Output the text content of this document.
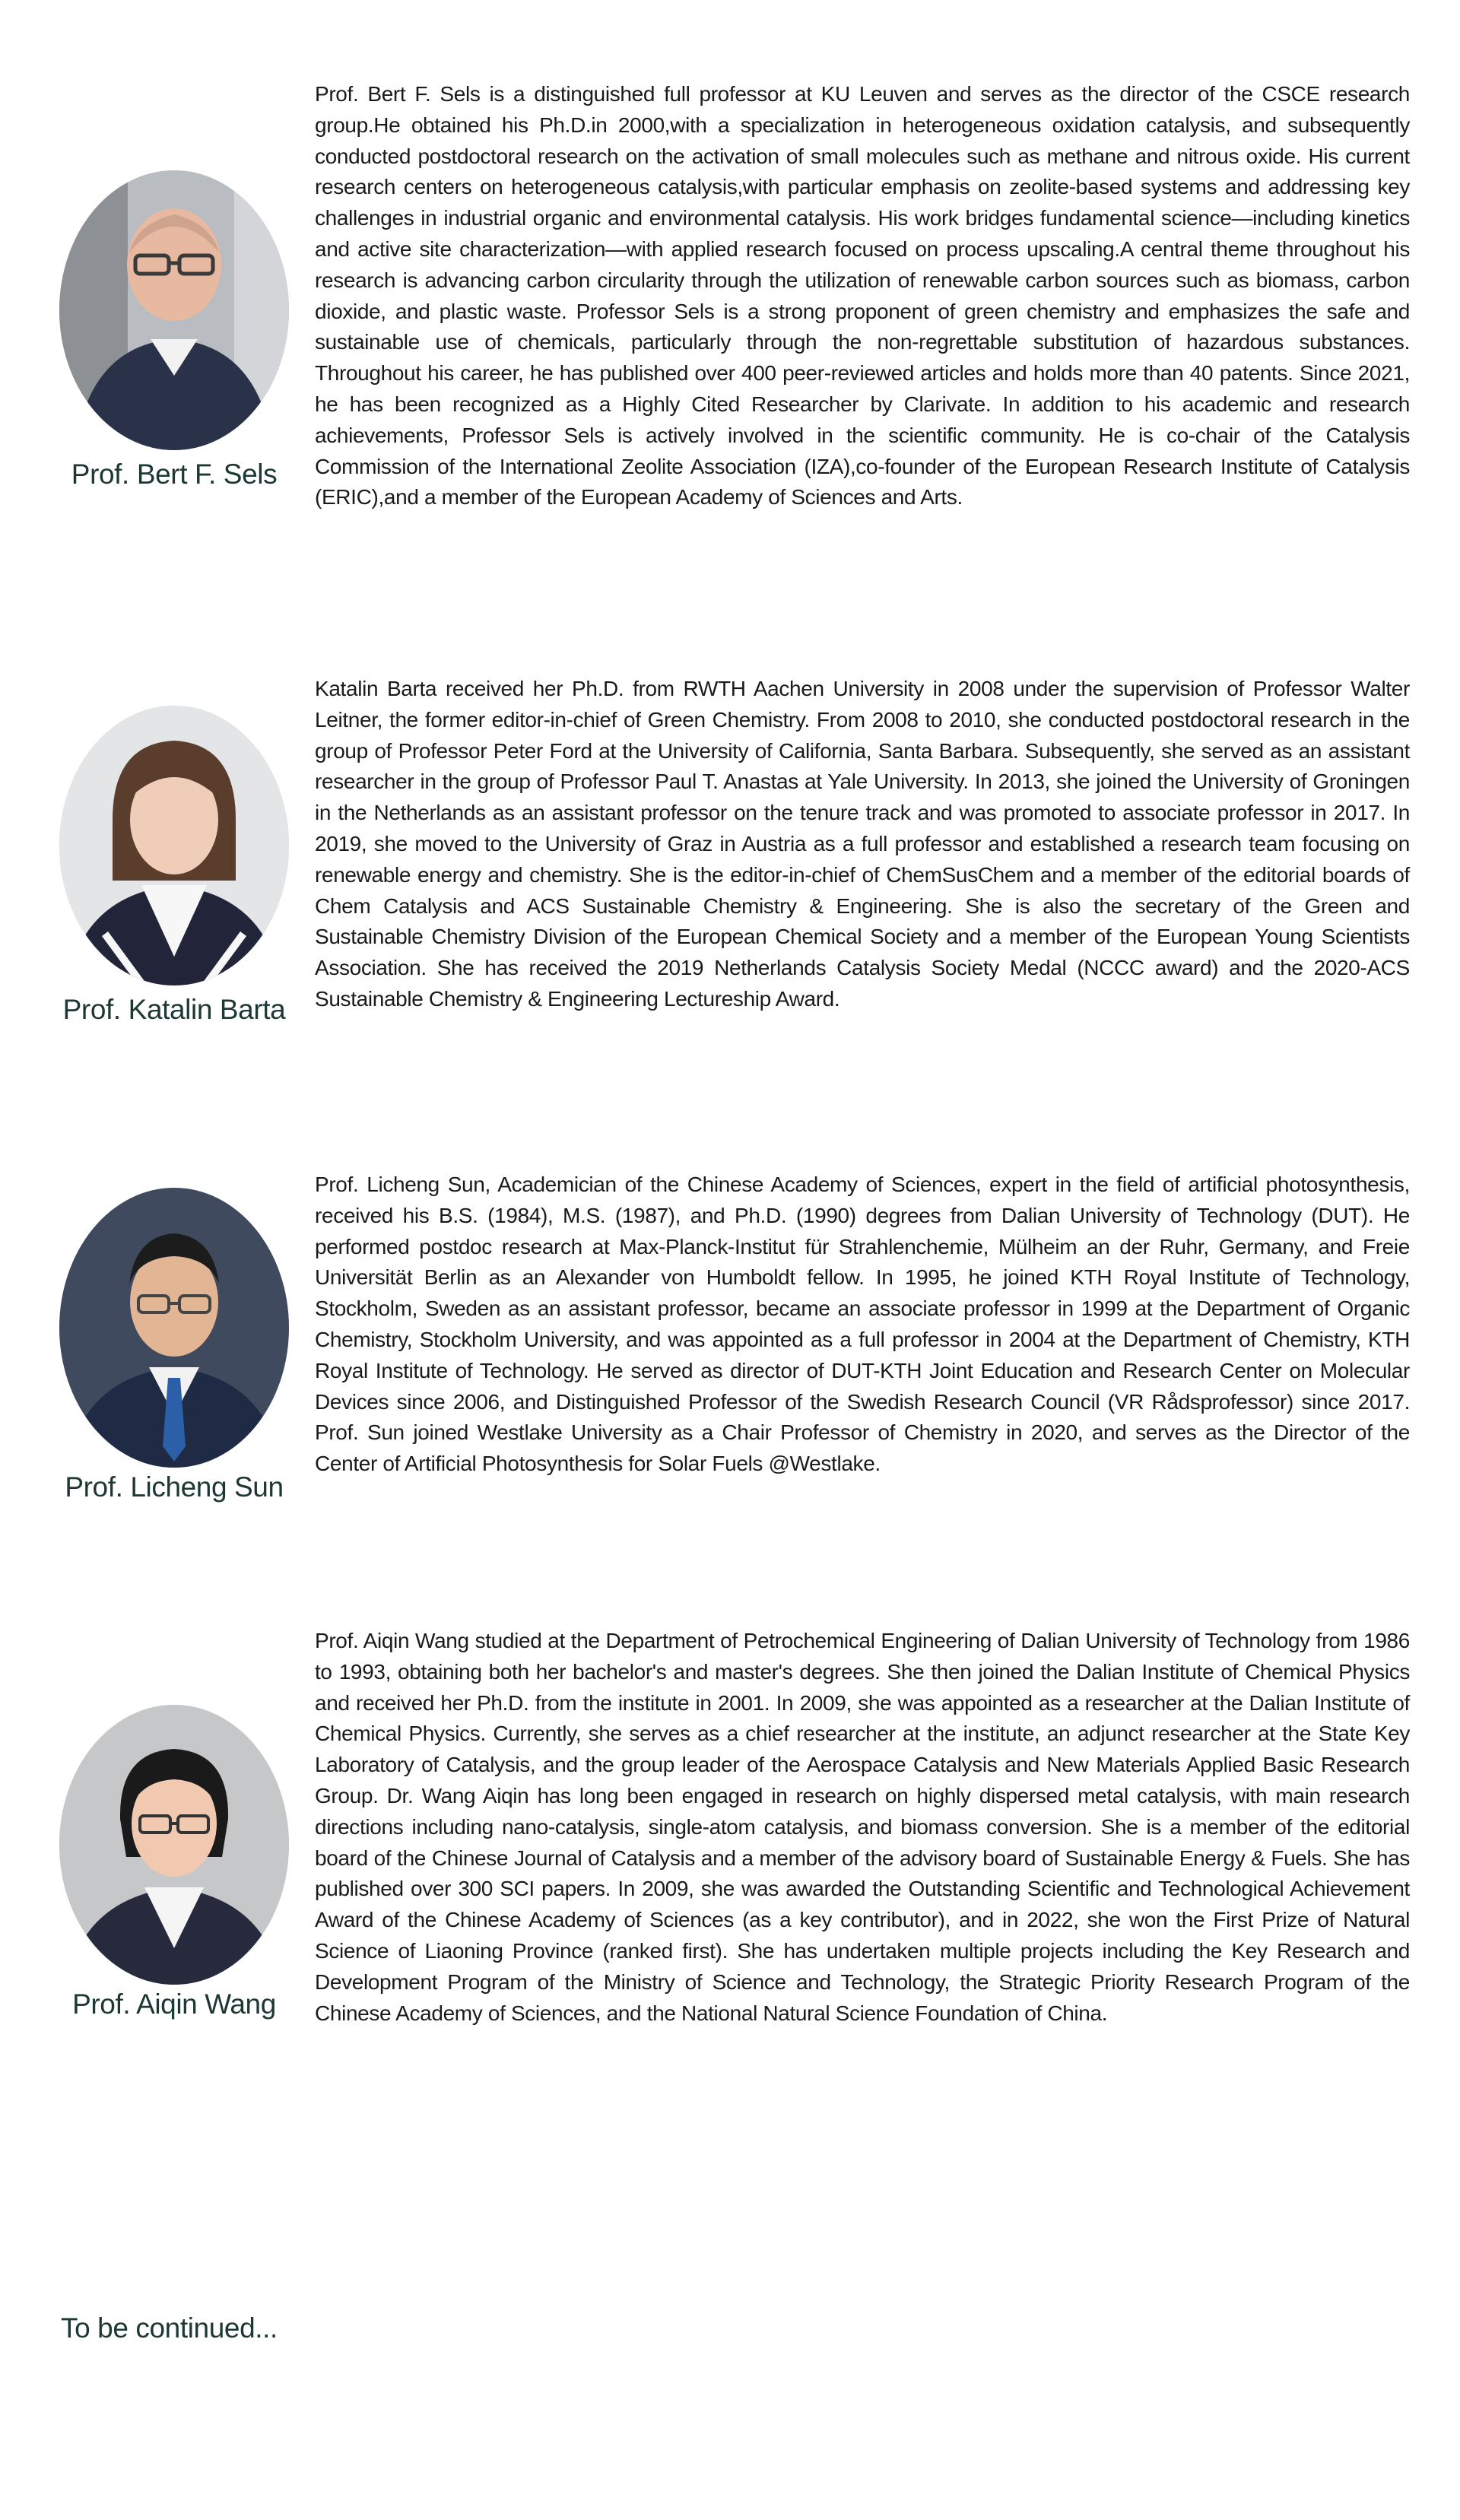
Prof. Bert F. Sels

Prof. Bert F. Sels is a distinguished full professor at KU Leuven and serves as the director of the CSCE research group.He obtained his Ph.D.in 2000,with a specialization in heterogeneous oxidation catalysis, and subsequently conducted postdoctoral research on the activation of small molecules such as methane and nitrous oxide. His current research centers on heterogeneous catalysis,with particular emphasis on zeolite-based systems and addressing key challenges in industrial organic and environmental catalysis. His work bridges fundamental science—including kinetics and active site characterization—with applied research focused on process upscaling.A central theme throughout his research is advancing carbon circularity through the utilization of renewable carbon sources such as biomass, carbon dioxide, and plastic waste. Professor Sels is a strong proponent of green chemistry and emphasizes the safe and sustainable use of chemicals, particularly through the non-regrettable substitution of hazardous substances. Throughout his career, he has published over 400 peer-reviewed articles and holds more than 40 patents. Since 2021, he has been recognized as a Highly Cited Researcher by Clarivate. In addition to his academic and research achievements, Professor Sels is actively involved in the scientific community. He is co-chair of the Catalysis Commission of the International Zeolite Association (IZA),co-founder of the European Research Institute of Catalysis (ERIC),and a member of the European Academy of Sciences and Arts.

Prof. Katalin Barta

Katalin Barta received her Ph.D. from RWTH Aachen University in 2008 under the supervision of Professor Walter Leitner, the former editor-in-chief of Green Chemistry. From 2008 to 2010, she conducted postdoctoral research in the group of Professor Peter Ford at the University of California, Santa Barbara. Subsequently, she served as an assistant researcher in the group of Professor Paul T. Anastas at Yale University. In 2013, she joined the University of Groningen in the Netherlands as an assistant professor on the tenure track and was promoted to associate professor in 2017. In 2019, she moved to the University of Graz in Austria as a full professor and established a research team focusing on renewable energy and chemistry. She is the editor-in-chief of ChemSusChem and a member of the editorial boards of Chem Catalysis and ACS Sustainable Chemistry & Engineering. She is also the secretary of the Green and Sustainable Chemistry Division of the European Chemical Society and a member of the European Young Scientists Association. She has received the 2019 Netherlands Catalysis Society Medal (NCCC award) and the 2020-ACS Sustainable Chemistry & Engineering Lectureship Award.

Prof. Licheng Sun

Prof. Licheng Sun, Academician of the Chinese Academy of Sciences, expert in the field of artificial photosynthesis, received his B.S. (1984), M.S. (1987), and Ph.D. (1990) degrees from Dalian University of Technology (DUT). He performed postdoc research at Max-Planck-Institut für Strahlenchemie, Mülheim an der Ruhr, Germany, and Freie Universität Berlin as an Alexander von Humboldt fellow. In 1995, he joined KTH Royal Institute of Technology, Stockholm, Sweden as an assistant professor, became an associate professor in 1999 at the Department of Organic Chemistry, Stockholm University, and was appointed as a full professor in 2004 at the Department of Chemistry, KTH Royal Institute of Technology. He served as director of DUT-KTH Joint Education and Research Center on Molecular Devices since 2006, and Distinguished Professor of the Swedish Research Council (VR Rådsprofessor) since 2017. Prof. Sun joined Westlake University as a Chair Professor of Chemistry in 2020, and serves as the Director of the Center of Artificial Photosynthesis for Solar Fuels @Westlake.

Prof. Aiqin Wang

Prof. Aiqin Wang studied at the Department of Petrochemical Engineering of Dalian University of Technology from 1986 to 1993, obtaining both her bachelor's and master's degrees. She then joined the Dalian Institute of Chemical Physics and received her Ph.D. from the institute in 2001. In 2009, she was appointed as a researcher at the Dalian Institute of Chemical Physics. Currently, she serves as a chief researcher at the institute, an adjunct researcher at the State Key Laboratory of Catalysis, and the group leader of the Aerospace Catalysis and New Materials Applied Basic Research Group. Dr. Wang Aiqin has long been engaged in research on highly dispersed metal catalysis, with main research directions including nano-catalysis, single-atom catalysis, and biomass conversion. She is a member of the editorial board of the Chinese Journal of Catalysis and a member of the advisory board of Sustainable Energy & Fuels. She has published over 300 SCI papers. In 2009, she was awarded the Outstanding Scientific and Technological Achievement Award of the Chinese Academy of Sciences (as a key contributor), and in 2022, she won the First Prize of Natural Science of Liaoning Province (ranked first). She has undertaken multiple projects including the Key Research and Development Program of the Ministry of Science and Technology, the Strategic Priority Research Program of the Chinese Academy of Sciences, and the National Natural Science Foundation of China.

To be continued...
